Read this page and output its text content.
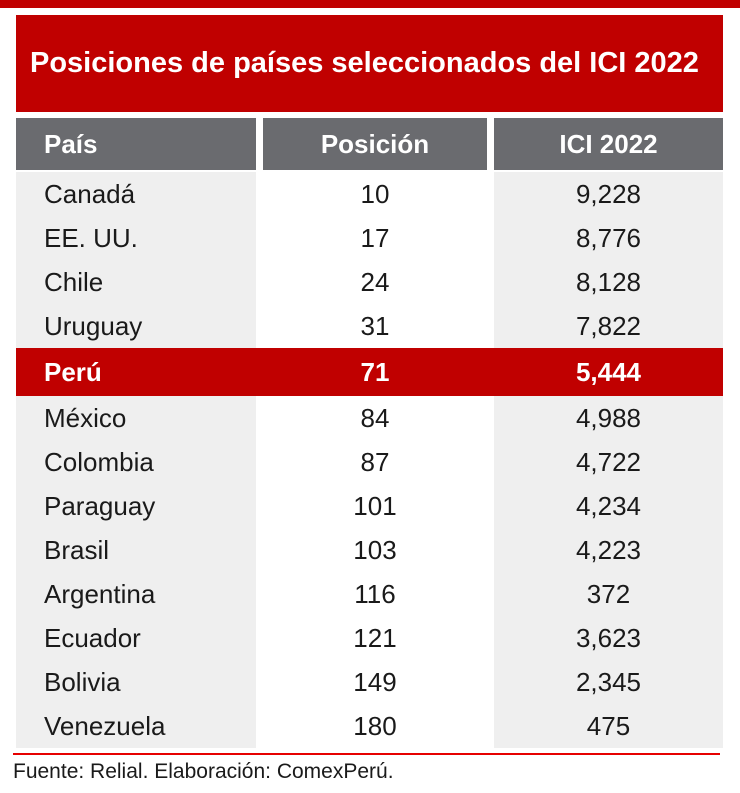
Posiciones de países seleccionados del ICI 2022
País	Posición	ICI 2022
Canadá	10	9,228
EE. UU.	17	8,776
Chile	24	8,128
Uruguay	31	7,822
Perú	71	5,444
México	84	4,988
Colombia	87	4,722
Paraguay	101	4,234
Brasil	103	4,223
Argentina	116	372
Ecuador	121	3,623
Bolivia	149	2,345
Venezuela	180	475
Fuente: Relial. Elaboración: ComexPerú.
